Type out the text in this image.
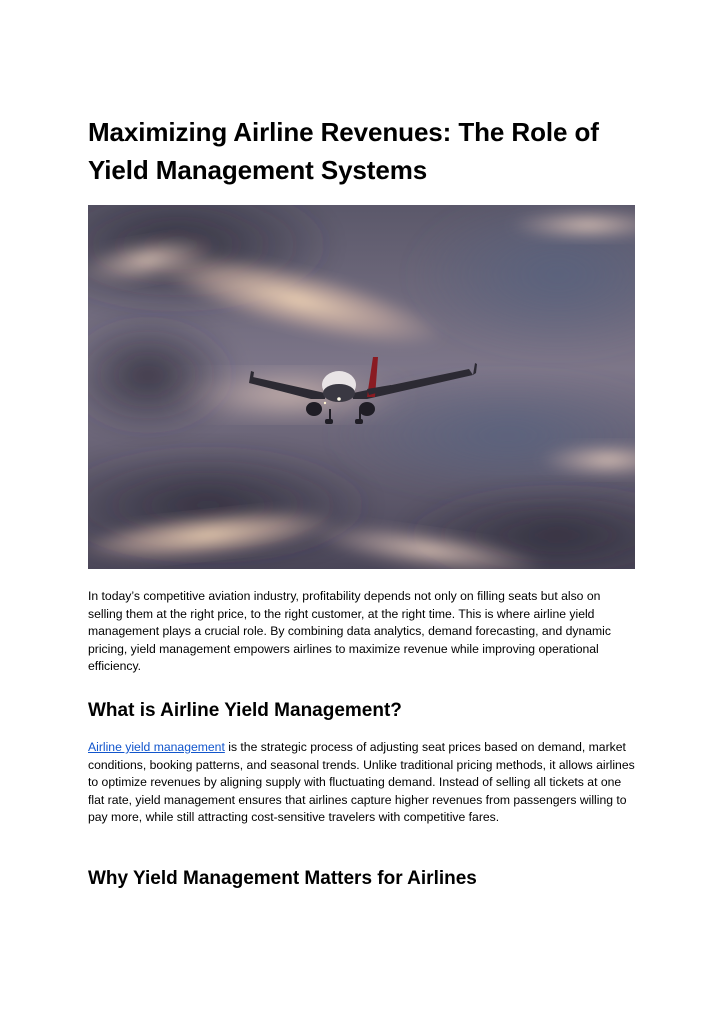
Maximizing Airline Revenues: The Role of Yield Management Systems

In today’s competitive aviation industry, profitability depends not only on filling seats but also on selling them at the right price, to the right customer, at the right time. This is where airline yield management plays a crucial role. By combining data analytics, demand forecasting, and dynamic pricing, yield management empowers airlines to maximize revenue while improving operational efficiency.

What is Airline Yield Management?

Airline yield management is the strategic process of adjusting seat prices based on demand, market conditions, booking patterns, and seasonal trends. Unlike traditional pricing methods, it allows airlines to optimize revenues by aligning supply with fluctuating demand. Instead of selling all tickets at one flat rate, yield management ensures that airlines capture higher revenues from passengers willing to pay more, while still attracting cost-sensitive travelers with competitive fares.

Why Yield Management Matters for Airlines
